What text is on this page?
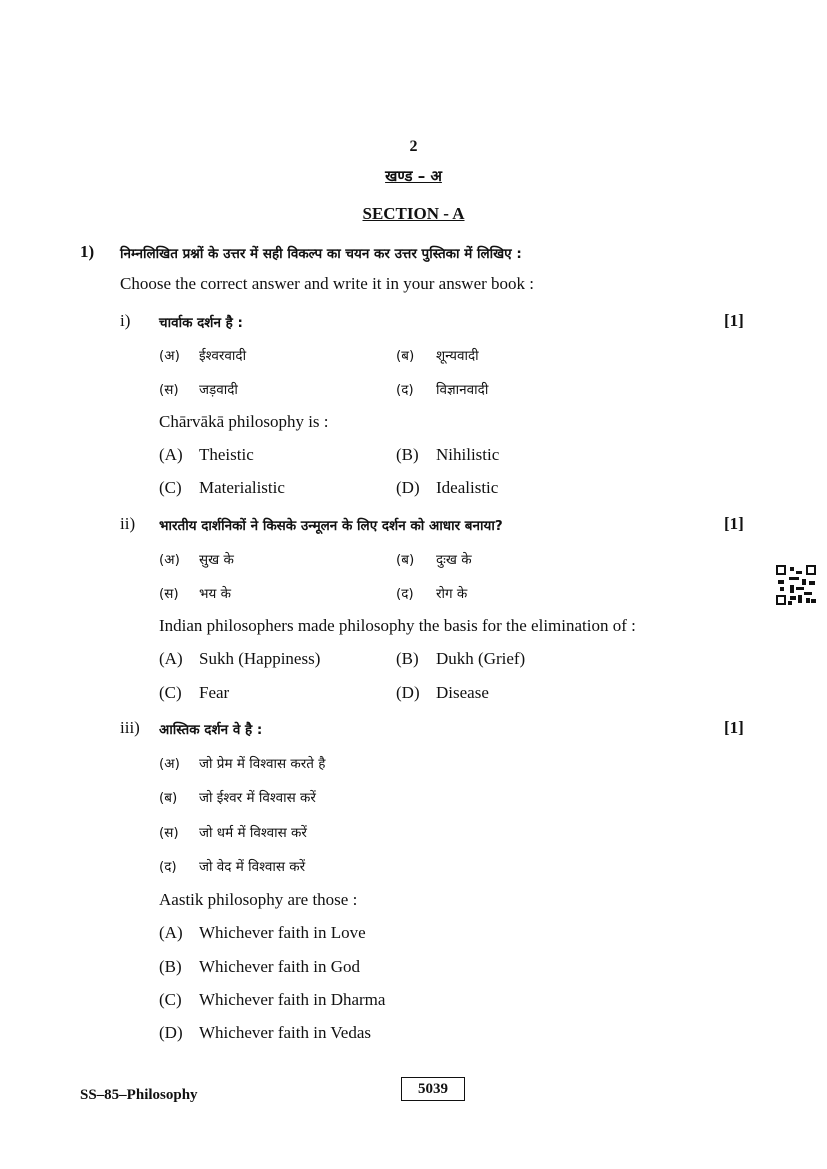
2
खण्ड – अ
SECTION - A
1) निम्नलिखित प्रश्नों के उत्तर में सही विकल्प का चयन कर उत्तर पुस्तिका में लिखिए :
Choose the correct answer and write it in your answer book :
i) चार्वाक दर्शन है :	[1]
(अ)	ईश्वरवादी	(ब)	शून्यवादी
(स)	जड़वादी	(द)	विज्ञानवादी
Chārvākā philosophy is :
(A) Theistic	(B)	Nihilistic
(C)	Materialistic	(D) Idealistic
ii) भारतीय दार्शनिकों ने किसके उन्मूलन के लिए दर्शन को आधार बनाया?	[1]
(अ)	सुख के	(ब)	दुःख के
(स)	भय के	(द)	रोग के
Indian philosophers made philosophy the basis for the elimination of :
(A) Sukh (Happiness)	(B)	Dukh (Grief)
(C)	Fear	(D) Disease
iii) आस्तिक दर्शन वे है :	[1]
(अ)	जो प्रेम में विश्वास करते है
(ब)	जो ईश्वर में विश्वास करें
(स)	जो धर्म में विश्वास करें
(द)	जो वेद में विश्वास करें
Aastik philosophy are those :
(A) Whichever faith in Love
(B)	Whichever faith in God
(C)	Whichever faith in Dharma
(D) Whichever faith in Vedas
SS–85–Philosophy	5039
